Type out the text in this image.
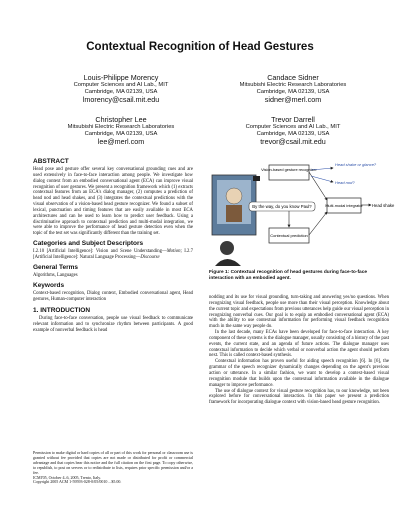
Contextual Recognition of Head Gestures
Louis-Philippe Morency
Computer Sciences and AI Lab., MIT
Cambridge, MA 02139, USA
lmorency@csail.mit.edu
Candace Sidner
Mitsubishi Electric Research Laboratories
Cambridge, MA 02139, USA
sidner@merl.com
Christopher Lee
Mitsubishi Electric Research Laboratories
Cambridge, MA 02139, USA
lee@merl.com
Trevor Darrell
Computer Sciences and AI Lab., MIT
Cambridge, MA 02139, USA
trevor@csail.mit.edu
ABSTRACT

Head pose and gesture offer several key conversational grounding cues and are used extensively in face-to-face interaction among people. We investigate how dialog context from an embodied conversational agent (ECA) can improve visual recognition of user gestures. We present a recognition framework which (1) extracts contextual features from an ECA's dialog manager, (2) computes a prediction of head nod and head shakes, and (3) integrates the contextual predictions with the visual observation of a vision-based head gesture recognizer. We found a subset of lexical, punctuation and timing features that are easily available in most ECA architectures and can be used to learn how to predict user feedback. Using a discriminative approach to contextual prediction and multi-modal integration, we were able to improve the performance of head gesture detection even when the topic of the test set was significantly different than the training set.

Categories and Subject Descriptors

I.2.10 [Artificial Intelligence]: Vision and Scene Understanding—Motion; I.2.7 [Artificial Intelligence]: Natural Language Processing—Discourse

General Terms

Algorithms, Languages

Keywords

Context-based recognition, Dialog context, Embodied conversational agent, Head gestures, Human-computer interaction

1. INTRODUCTION

During face-to-face conversation, people use visual feedback to communicate relevant information and to synchronize rhythm between participants. A good example of nonverbal feedback is head

Permission to make digital or hard copies of all or part of this work for personal or classroom use is granted without fee provided that copies are not made or distributed for profit or commercial advantage and that copies bear this notice and the full citation on the first page. To copy otherwise, to republish, to post on servers or to redistribute to lists, requires prior specific permission and/or a fee.

ICMI'05, October 4–6, 2005, Trento, Italy.

Copyright 2005 ACM 1-59593-028-0/05/0010 ...$5.00.

Vision-based gesture recognizer
By the way, do you know Paul?
Contextual prediction
Multi-modal integrator
Head shake or glance?
Head nod?
Head shake
Figure 1: Contextual recognition of head gestures during face-to-face interaction with an embodied agent.

nodding and its use for visual grounding, turn-taking and answering yes/no questions. When recognizing visual feedback, people use more than their visual perception. Knowledge about the current topic and expectations from previous utterances help guide our visual perception in recognizing nonverbal cues. Our goal is to equip an embodied conversational agent (ECA) with the ability to use contextual information for performing visual feedback recognition much in the same way people do.

In the last decade, many ECAs have been developed for face-to-face interaction. A key component of these systems is the dialogue manager, usually consisting of a history of the past events, the current state, and an agenda of future actions. The dialogue manager uses contextual information to decide which verbal or nonverbal action the agent should perform next. This is called context-based synthesis.

Contextual information has proven useful for aiding speech recognition [6]. In [6], the grammar of the speech recognizer dynamically changes depending on the agent's previous action or utterance. In a similar fashion, we want to develop a context-based visual recognition module that builds upon the contextual information available in the dialogue manager to improve performance.

The use of dialogue context for visual gesture recognition has, to our knowledge, not been explored before for conversational interaction. In this paper we present a prediction framework for incorporating dialogue context with vision-based head gesture recognition.
